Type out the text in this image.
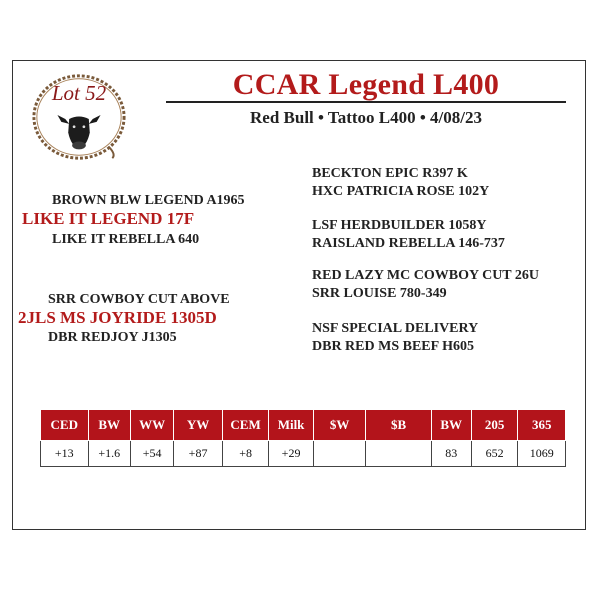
Lot 52	CCAR Legend L400
Red Bull • Tattoo L400 • 4/08/23
BROWN BLW LEGEND A1965
LIKE IT LEGEND 17F
LIKE IT REBELLA 640
SRR COWBOY CUT ABOVE
2JLS MS JOYRIDE 1305D
DBR REDJOY J1305
BECKTON EPIC R397 K
HXC PATRICIA ROSE 102Y
LSF HERDBUILDER 1058Y
RAISLAND REBELLA 146-737
RED LAZY MC COWBOY CUT 26U
SRR LOUISE 780-349
NSF SPECIAL DELIVERY
DBR RED MS BEEF H605
CED	BW	WW	YW	CEM	Milk	$W	$B	BW	205	365
+13	+1.6	+54	+87	+8	+29			83	652	1069
